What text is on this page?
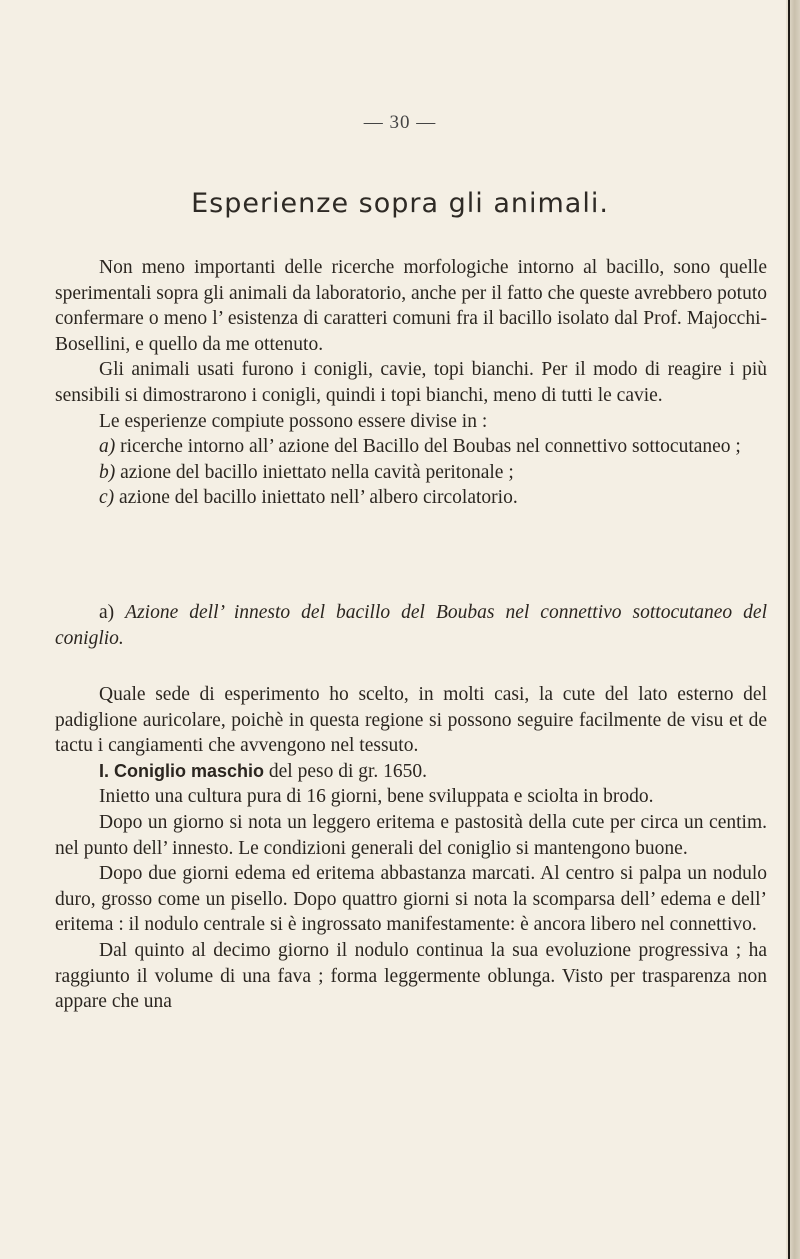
— 30 —
Esperienze sopra gli animali.

Non meno importanti delle ricerche morfologiche intorno al bacillo, sono quelle sperimentali sopra gli animali da laboratorio, anche per il fatto che queste avrebbero potuto confermare o meno l’ esistenza di caratteri comuni fra il bacillo isolato dal Prof. Majocchi-Bosellini, e quello da me ottenuto.

Gli animali usati furono i conigli, cavie, topi bianchi. Per il modo di reagire i più sensibili si dimostrarono i conigli, quindi i topi bianchi, meno di tutti le cavie.

Le esperienze compiute possono essere divise in :

a) ricerche intorno all’ azione del Bacillo del Boubas nel connettivo sottocutaneo ;

b) azione del bacillo iniettato nella cavità peritonale ;

c) azione del bacillo iniettato nell’ albero circolatorio.

a) Azione dell’ innesto del bacillo del Boubas nel connettivo sottocutaneo del coniglio.

Quale sede di esperimento ho scelto, in molti casi, la cute del lato esterno del padiglione auricolare, poichè in questa regione si possono seguire facilmente de visu et de tactu i cangiamenti che avvengono nel tessuto.

I. Coniglio maschio del peso di gr. 1650.

Inietto una cultura pura di 16 giorni, bene sviluppata e sciolta in brodo.

Dopo un giorno si nota un leggero eritema e pastosità della cute per circa un centim. nel punto dell’ innesto. Le condizioni generali del coniglio si mantengono buone.

Dopo due giorni edema ed eritema abbastanza marcati. Al centro si palpa un nodulo duro, grosso come un pisello. Dopo quattro giorni si nota la scomparsa dell’ edema e dell’ eritema : il nodulo centrale si è ingrossato manifestamente: è ancora libero nel connettivo.

Dal quinto al decimo giorno il nodulo continua la sua evoluzione progressiva ; ha raggiunto il volume di una fava ; forma leggermente oblunga. Visto per trasparenza non appare che una
